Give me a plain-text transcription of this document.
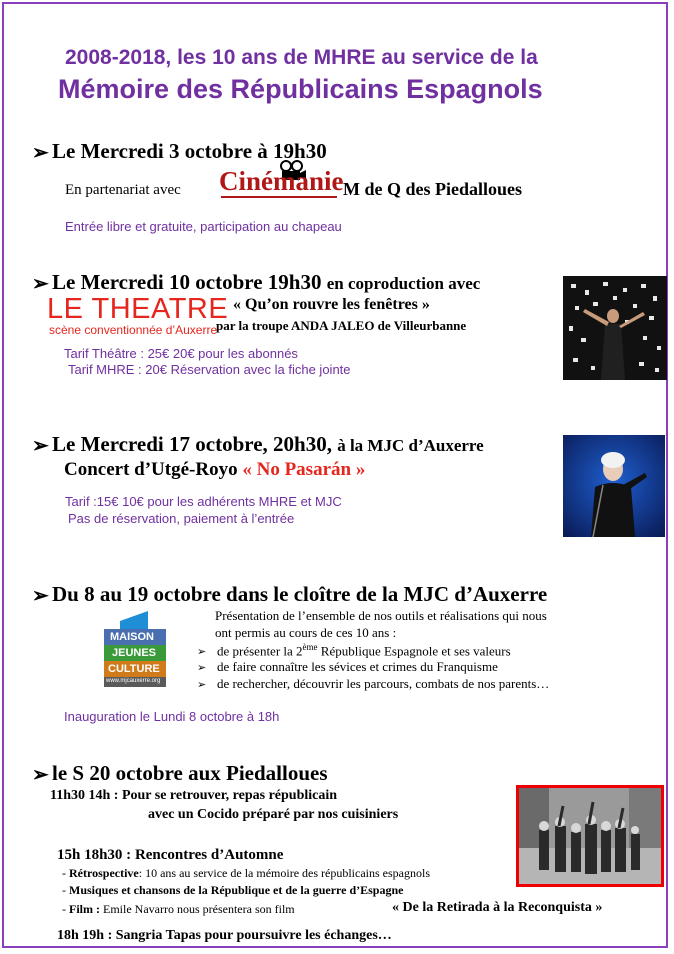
2008-2018, les 10 ans de MHRE au service de la
Mémoire des Républicains Espagnols
➢ Le Mercredi 3 octobre à 19h30
En partenariat avec Cinémanie M de Q des Piedalloues
Entrée libre et gratuite, participation au chapeau
➢ Le Mercredi 10 octobre 19h30 en coproduction avec
LE THEATRE
scène conventionnée d’Auxerre
« Qu’on rouvre les fenêtres »
par la troupe ANDA JALEO de Villeurbanne
Tarif Théâtre : 25€ 20€ pour les abonnés
Tarif MHRE : 20€ Réservation avec la fiche jointe
➢ Le Mercredi 17 octobre, 20h30, à la MJC d’Auxerre
Concert d’Utgé-Royo « No Pasarán »
Tarif :15€ 10€ pour les adhérents MHRE et MJC
Pas de réservation, paiement à l’entrée
➢ Du 8 au 19 octobre dans le cloître de la MJC d’Auxerre
Présentation de l’ensemble de nos outils et réalisations qui nous
ont permis au cours de ces 10 ans :
➢ de présenter la 2ème République Espagnole et ses valeurs
➢ de faire connaître les sévices et crimes du Franquisme
➢ de rechercher, découvrir les parcours, combats de nos parents…
MAISON
JEUNES
CULTURE
www.mjcauxerre.org
Inauguration le Lundi 8 octobre à 18h
➢ le S 20 octobre aux Piedalloues
11h30 14h : Pour se retrouver, repas républicain
avec un Cocido préparé par nos cuisiniers
15h 18h30 : Rencontres d’Automne
- Rétrospective: 10 ans au service de la mémoire des républicains espagnols
- Musiques et chansons de la République et de la guerre d’Espagne
- Film : Emile Navarro nous présentera son film	« De la Retirada à la Reconquista »
18h 19h : Sangria Tapas pour poursuivre les échanges…
